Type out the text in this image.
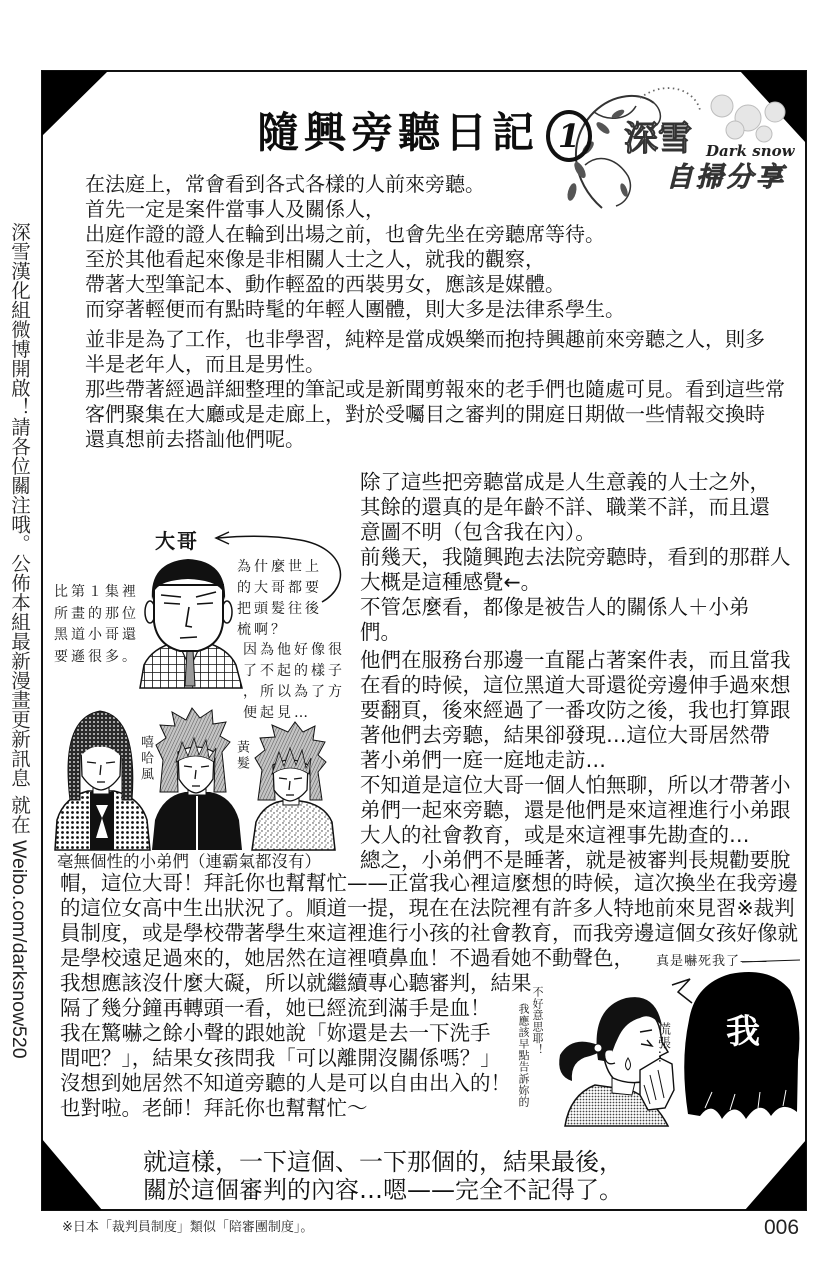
深雪 Dark snow
自掃分享
深雪漢化組微博開啟！請各位關注哦。公佈本組最新漫畫更新訊息
就在
Weibo.com/darksnow520
隨興旁聽日記 1
在法庭上，常會看到各式各樣的人前來旁聽。
首先一定是案件當事人及關係人，
出庭作證的證人在輪到出場之前，也會先坐在旁聽席等待。
至於其他看起來像是非相關人士之人，就我的觀察，
帶著大型筆記本、動作輕盈的西裝男女，應該是媒體。
而穿著輕便而有點時髦的年輕人團體，則大多是法律系學生。
並非是為了工作，也非學習，純粹是當成娛樂而抱持興趣前來旁聽之人，則多
半是老年人，而且是男性。
那些帶著經過詳細整理的筆記或是新聞剪報來的老手們也隨處可見。看到這些常
客們聚集在大廳或是走廊上，對於受囑目之審判的開庭日期做一些情報交換時
還真想前去搭訕他們呢。
大哥
比第１集裡
所畫的那位
黑道小哥還
要遜很多。
為什麼世上
的大哥都要
把頭髮往後
梳啊？
因為他好像很
了不起的樣子
，所以為了方
便起見…
嘻哈風	黃髮
毫無個性的小弟們（連霸氣都沒有）
除了這些把旁聽當成是人生意義的人士之外，
其餘的還真的是年齡不詳、職業不詳，而且還
意圖不明（包含我在內）。
前幾天，我隨興跑去法院旁聽時，看到的那群人
大概是這種感覺←。
不管怎麼看，都像是被告人的關係人＋小弟
們。
他們在服務台那邊一直罷占著案件表，而且當我
在看的時候，這位黑道大哥還從旁邊伸手過來想
要翻頁，後來經過了一番攻防之後，我也打算跟
著他們去旁聽，結果卻發現…這位大哥居然帶
著小弟們一庭一庭地走訪…
不知道是這位大哥一個人怕無聊，所以才帶著小
弟們一起來旁聽，還是他們是來這裡進行小弟跟
大人的社會教育，或是來這裡事先勘查的…
總之，小弟們不是睡著，就是被審判長規勸要脫
帽，這位大哥！拜託你也幫幫忙——正當我心裡這麼想的時候，這次換坐在我旁邊
的這位女高中生出狀況了。順道一提，現在在法院裡有許多人特地前來見習※裁判
員制度，或是學校帶著學生來這裡進行小孩的社會教育，而我旁邊這個女孩好像就
是學校遠足過來的，她居然在這裡噴鼻血！不過看她不動聲色，
我想應該沒什麼大礙，所以就繼續專心聽審判，結果
隔了幾分鐘再轉頭一看，她已經流到滿手是血！
我在驚嚇之餘小聲的跟她說「妳還是去一下洗手
間吧？」，結果女孩問我「可以離開沒關係嗎？」
沒想到她居然不知道旁聽的人是可以自由出入的！
也對啦。老師！拜託你也幫幫忙～
真是嚇死我了——
不好意思耶！
我應該早點告訴妳的	慌張… 我
就這樣，一下這個、一下那個的，結果最後，
關於這個審判的內容…嗯——完全不記得了。
※日本「裁判員制度」類似「陪審團制度」。	006
